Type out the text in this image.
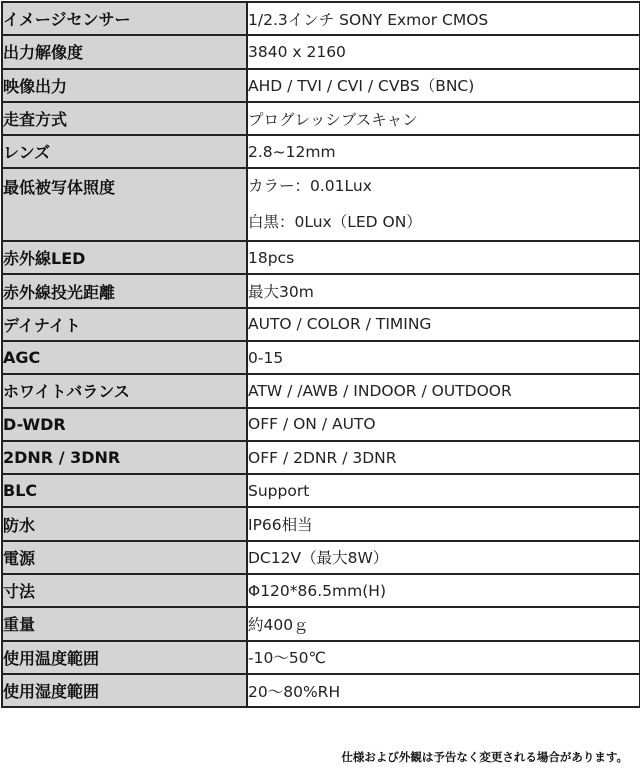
イメージセンサー	1/2.3インチ SONY Exmor CMOS
出力解像度	3840 x 2160
映像出力	AHD / TVI / CVI / CVBS（BNC)
走査方式	プログレッシブスキャン
レンズ	2.8~12mm
最低被写体照度	カラー：0.01Lux
白黒：0Lux（LED ON）

赤外線LED	18pcs
赤外線投光距離	最大30m
デイナイト	AUTO / COLOR / TIMING
AGC	0-15
ホワイトバランス	ATW / /AWB / INDOOR / OUTDOOR
D-WDR	OFF / ON / AUTO
2DNR / 3DNR	OFF / 2DNR / 3DNR
BLC	Support
防水	IP66相当
電源	DC12V（最大8W）
寸法	Φ120*86.5mm(H)
重量	約400ｇ
使用温度範囲	-10～50℃
使用湿度範囲	20～80%RH
仕様および外観は予告なく変更される場合があります。
